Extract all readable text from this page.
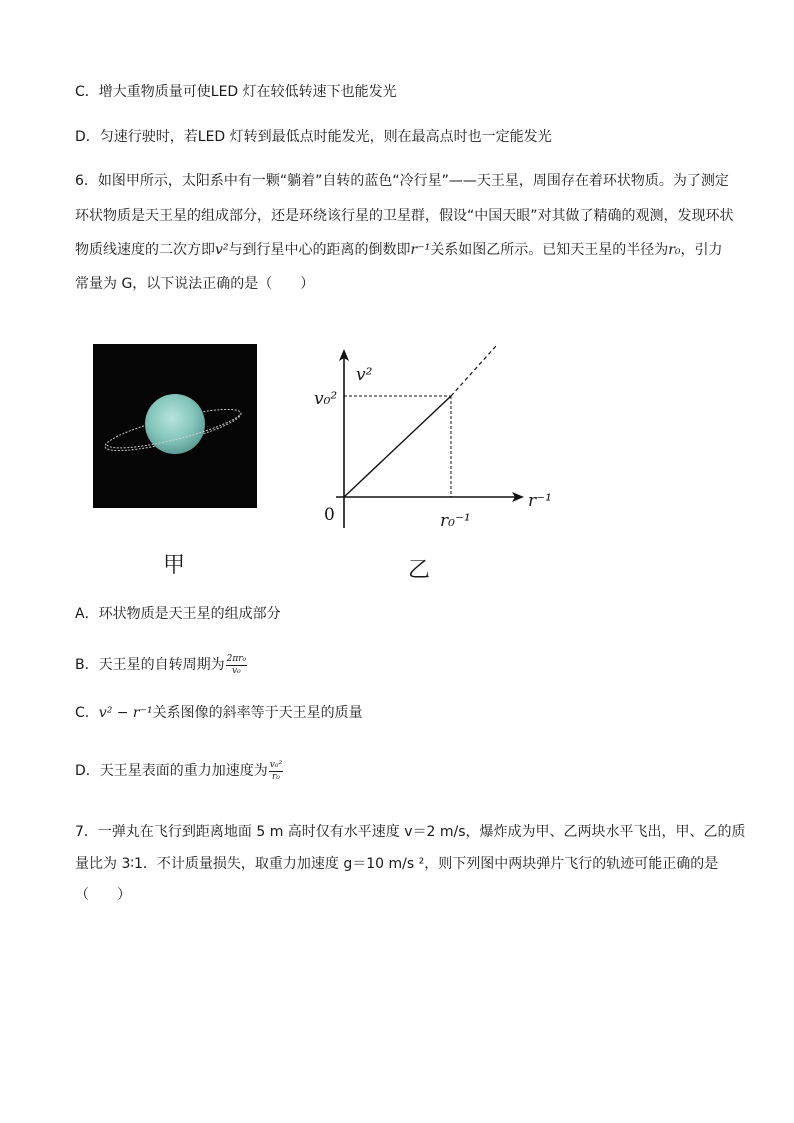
C．增大重物质量可使LED 灯在较低转速下也能发光
D．匀速行驶时，若LED 灯转到最低点时能发光，则在最高点时也一定能发光
6．如图甲所示，太阳系中有一颗“躺着”自转的蓝色“冷行星”——天王星，周围存在着环状物质。为了测定
环状物质是天王星的组成部分，还是环绕该行星的卫星群，假设“中国天眼”对其做了精确的观测，发现环状
物质线速度的二次方即v²与到行星中心的距离的倒数即r⁻¹关系如图乙所示。已知天王星的半径为r₀，引力
常量为 G，以下说法正确的是（　　）
甲
v²
r⁻¹
0
v₀²
r₀⁻¹
乙
A．环状物质是天王星的组成部分
B．天王星的自转周期为 $\frac{\text{2πr₀}}{\text{v₀}}$
C．v² − r⁻¹关系图像的斜率等于天王星的质量
D．天王星表面的重力加速度为 $\frac{\text{v₀²}}{\text{r₀}}$
7．一弹丸在飞行到距离地面 5 m 高时仅有水平速度 v＝2 m/s，爆炸成为甲、乙两块水平飞出，甲、乙的质
量比为 3∶1．不计质量损失，取重力加速度 g＝10 m/s ²，则下列图中两块弹片飞行的轨迹可能正确的是
（　　）
